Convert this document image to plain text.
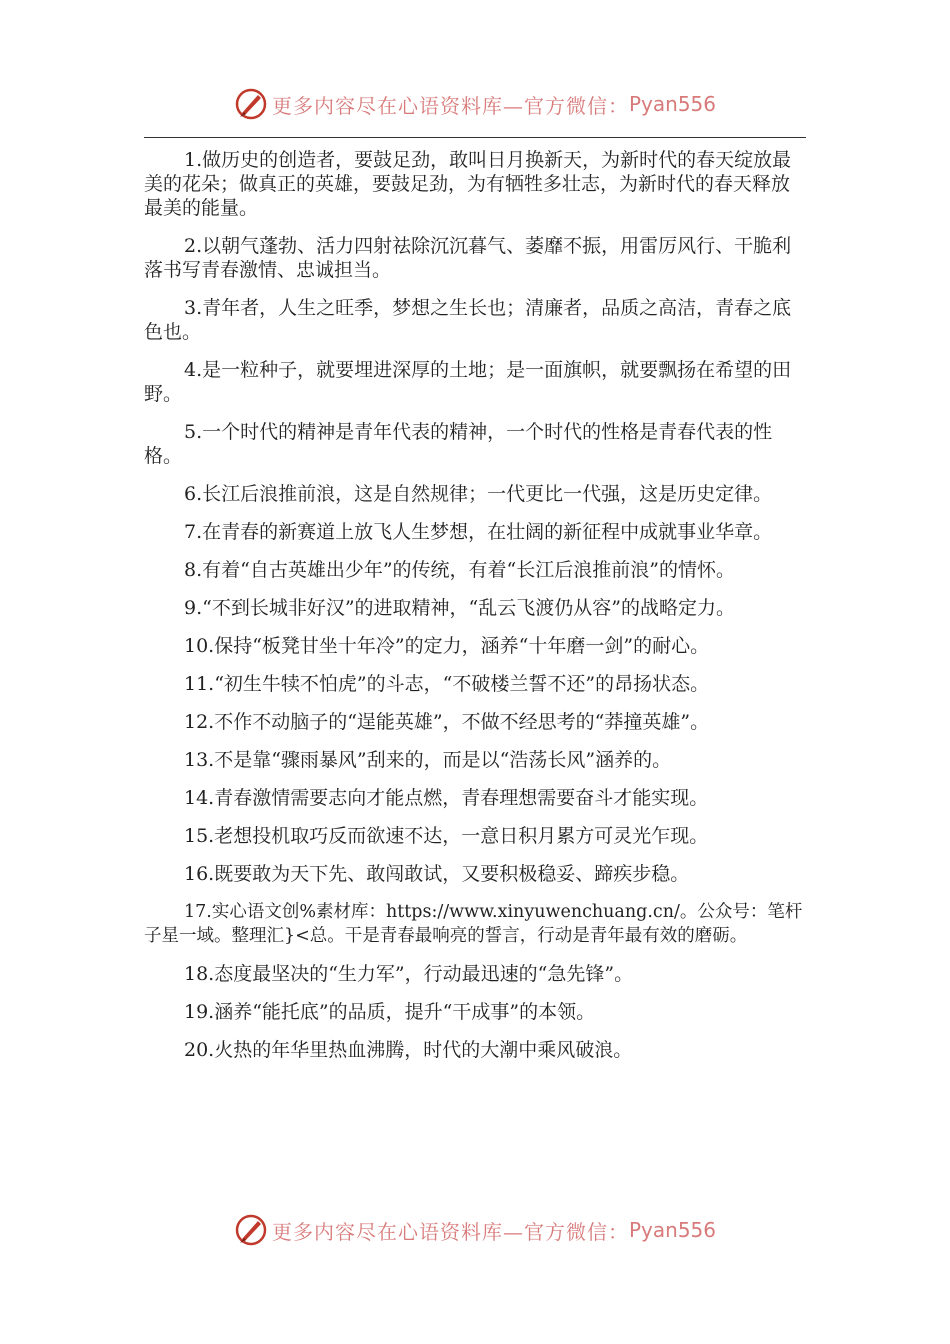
更多内容尽在心语资料库—官方微信： Pyan556

1.做历史的创造者，要鼓足劲，敢叫日月换新天，为新时代的春天绽放最美的花朵；做真正的英雄，要鼓足劲，为有牺牲多壮志，为新时代的春天释放最美的能量。

2.以朝气蓬勃、活力四射祛除沉沉暮气、萎靡不振，用雷厉风行、干脆利落书写青春激情、忠诚担当。

3.青年者，人生之旺季，梦想之生长也；清廉者，品质之高洁，青春之底色也。

4.是一粒种子，就要埋进深厚的土地；是一面旗帜，就要飘扬在希望的田野。

5.一个时代的精神是青年代表的精神，一个时代的性格是青春代表的性格。

6.长江后浪推前浪，这是自然规律；一代更比一代强，这是历史定律。

7.在青春的新赛道上放飞人生梦想，在壮阔的新征程中成就事业华章。

8.有着“自古英雄出少年”的传统，有着“长江后浪推前浪”的情怀。

9.“不到长城非好汉”的进取精神，“乱云飞渡仍从容”的战略定力。

10.保持“板凳甘坐十年冷”的定力，涵养“十年磨一剑”的耐心。

11.“初生牛犊不怕虎”的斗志，“不破楼兰誓不还”的昂扬状态。

12.不作不动脑子的“逞能英雄”，不做不经思考的“莽撞英雄”。

13.不是靠“骤雨暴风”刮来的，而是以“浩荡长风”涵养的。

14.青春激情需要志向才能点燃，青春理想需要奋斗才能实现。

15.老想投机取巧反而欲速不达，一意日积月累方可灵光乍现。

16.既要敢为天下先、敢闯敢试，又要积极稳妥、蹄疾步稳。

17.实心语文创%素材库：https://www.xinyuwenchuang.cn/。公众号：笔杆子星一域。整理汇}<总。干是青春最响亮的誓言，行动是青年最有效的磨砺。

18.态度最坚决的“生力军”，行动最迅速的“急先锋”。

19.涵养“能托底”的品质，提升“干成事”的本领。

20.火热的年华里热血沸腾，时代的大潮中乘风破浪。

更多内容尽在心语资料库—官方微信： Pyan556
